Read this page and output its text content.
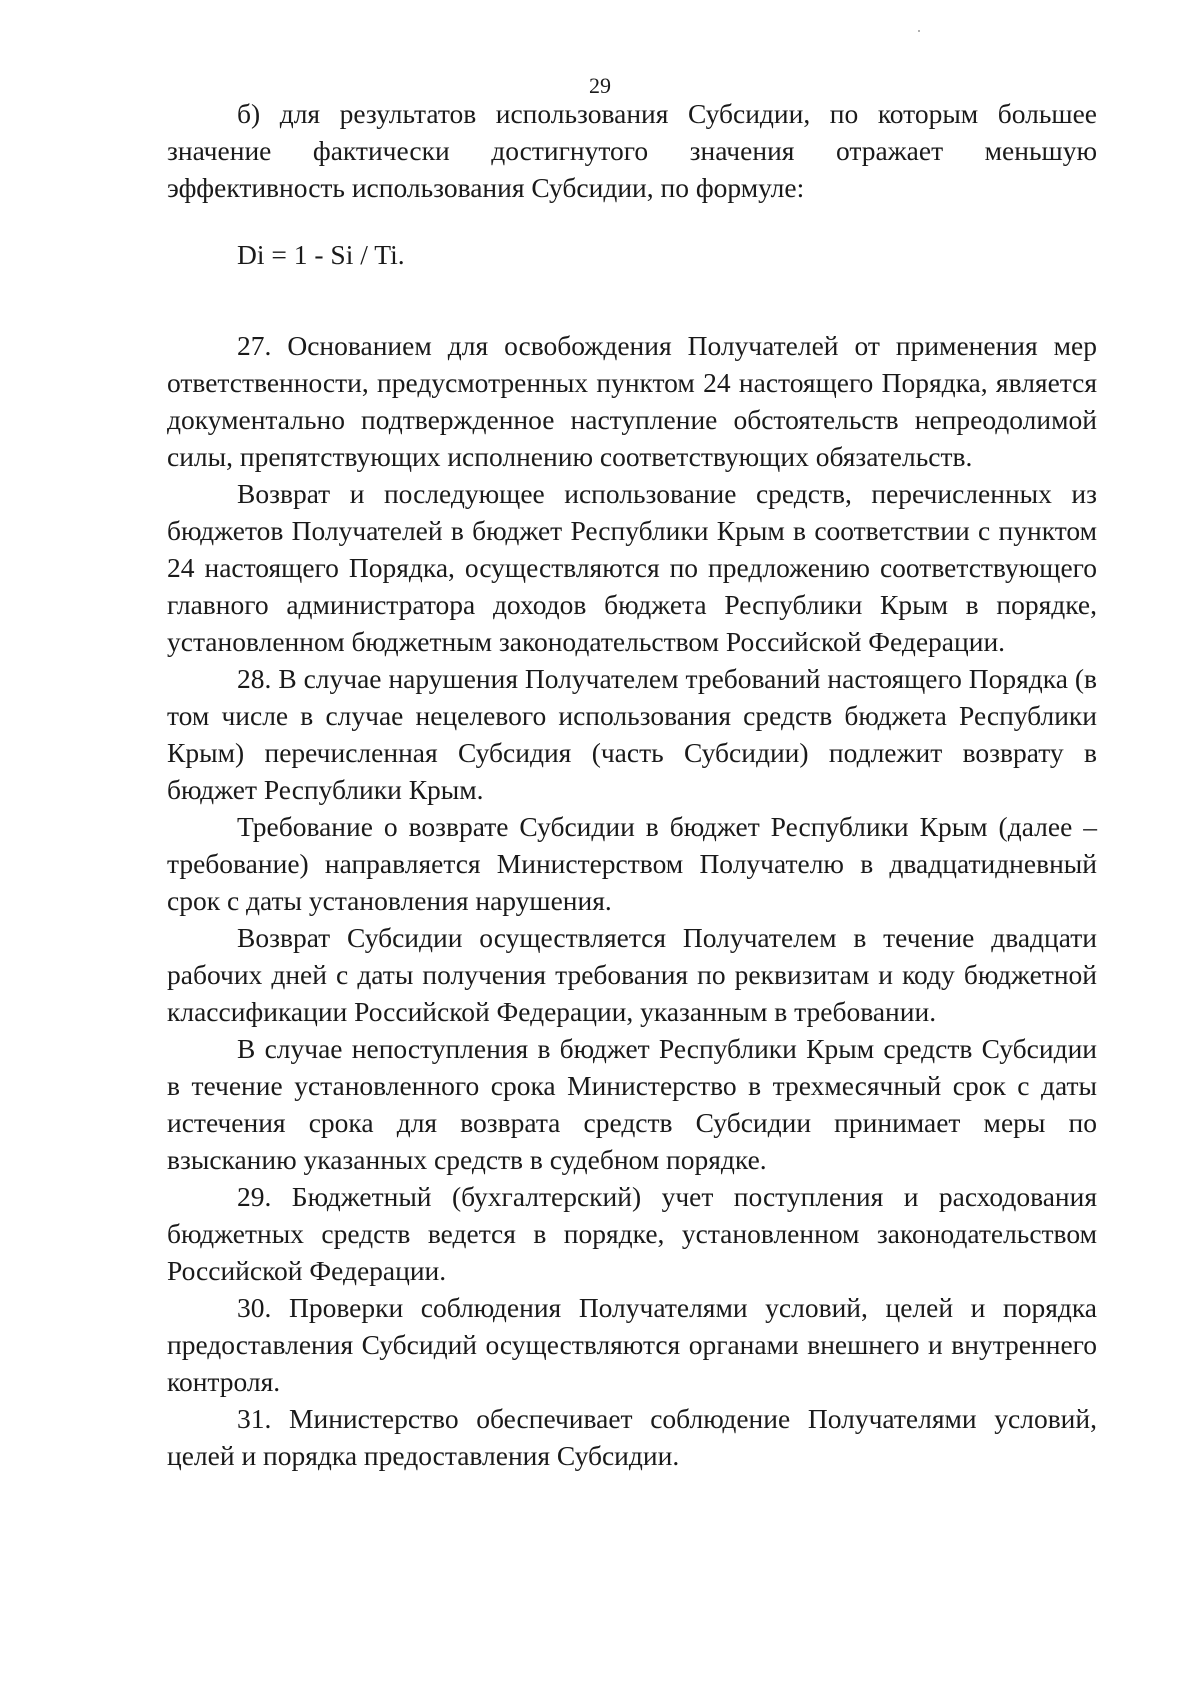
29

б) для результатов использования Субсидии, по которым большее значение фактически достигнутого значения отражает меньшую эффективность использования Субсидии, по формуле:

Di = 1 - Si / Ti.

27. Основанием для освобождения Получателей от применения мер ответственности, предусмотренных пунктом 24 настоящего Порядка, является документально подтвержденное наступление обстоятельств непреодолимой силы, препятствующих исполнению соответствующих обязательств.

Возврат и последующее использование средств, перечисленных из бюджетов Получателей в бюджет Республики Крым в соответствии с пунктом 24 настоящего Порядка, осуществляются по предложению соответствующего главного администратора доходов бюджета Республики Крым в порядке, установленном бюджетным законодательством Российской Федерации.

28. В случае нарушения Получателем требований настоящего Порядка (в том числе в случае нецелевого использования средств бюджета Республики Крым) перечисленная Субсидия (часть Субсидии) подлежит возврату в бюджет Республики Крым.

Требование о возврате Субсидии в бюджет Республики Крым (далее – требование) направляется Министерством Получателю в двадцатидневный срок с даты установления нарушения.

Возврат Субсидии осуществляется Получателем в течение двадцати рабочих дней с даты получения требования по реквизитам и коду бюджетной классификации Российской Федерации, указанным в требовании.

В случае непоступления в бюджет Республики Крым средств Субсидии в течение установленного срока Министерство в трехмесячный срок с даты истечения срока для возврата средств Субсидии принимает меры по взысканию указанных средств в судебном порядке.

29. Бюджетный (бухгалтерский) учет поступления и расходования бюджетных средств ведется в порядке, установленном законодательством Российской Федерации.

30. Проверки соблюдения Получателями условий, целей и порядка предоставления Субсидий осуществляются органами внешнего и внутреннего контроля.

31. Министерство обеспечивает соблюдение Получателями условий, целей и порядка предоставления Субсидии.
